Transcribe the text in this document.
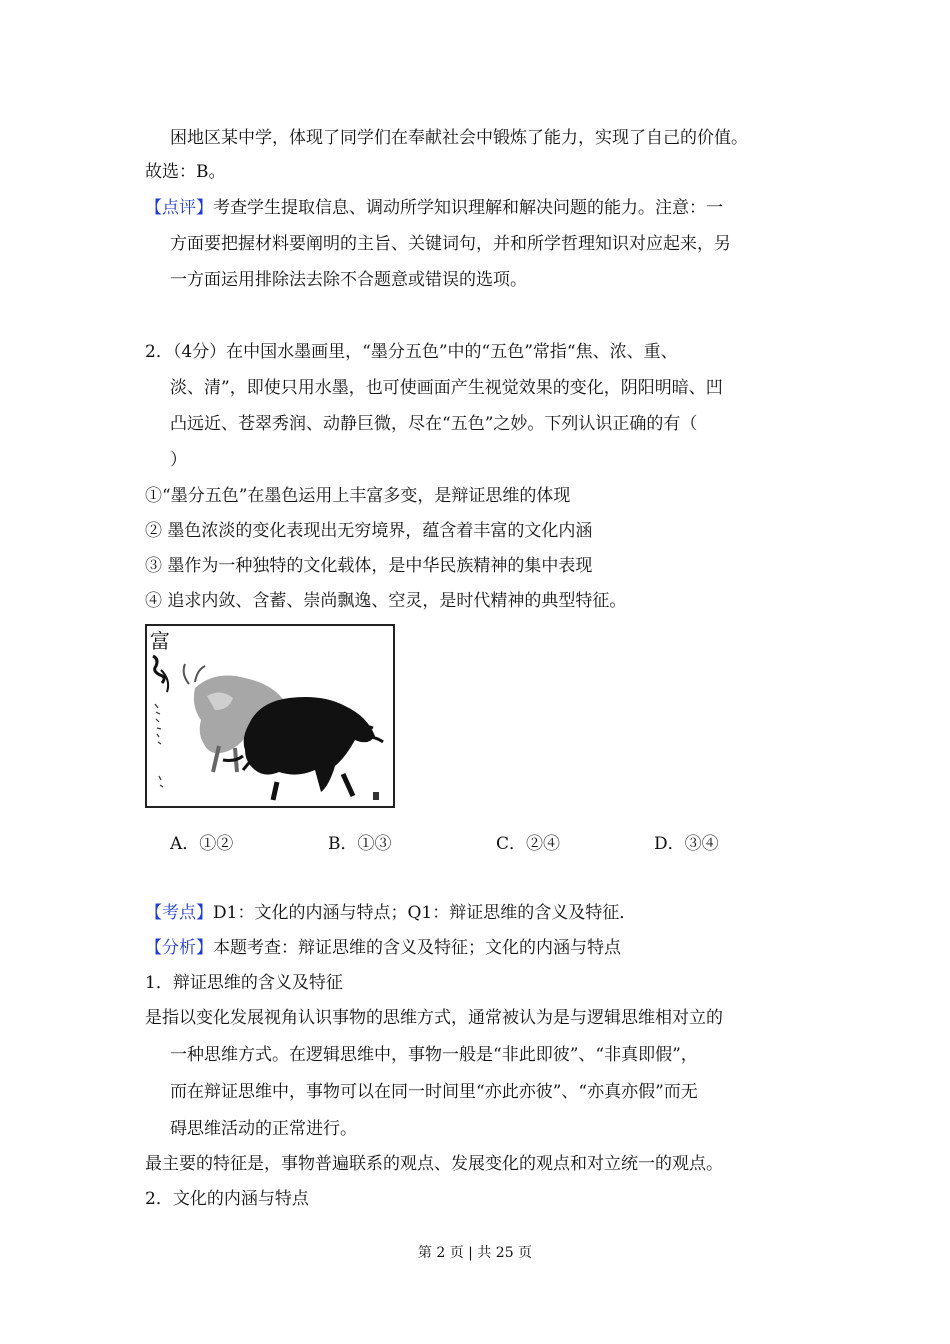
困地区某中学，体现了同学们在奉献社会中锻炼了能力，实现了自己的价值。
故选：B。
【点评】考查学生提取信息、调动所学知识理解和解决问题的能力。注意：一
方面要把握材料要阐明的主旨、关键词句，并和所学哲理知识对应起来，另
一方面运用排除法去除不合题意或错误的选项。
2．（4分）在中国水墨画里，“墨分五色”中的“五色”常指“焦、浓、重、
淡、清”，即使只用水墨，也可使画面产生视觉效果的变化，阴阳明暗、凹
凸远近、苍翠秀润、动静巨微，尽在“五色”之妙。下列认识正确的有（
）
①“墨分五色”在墨色运用上丰富多变，是辩证思维的体现
② 墨色浓淡的变化表现出无穷境界，蕴含着丰富的文化内涵
③ 墨作为一种独特的文化载体，是中华民族精神的集中表现
④ 追求内敛、含蓄、崇尚飘逸、空灵，是时代精神的典型特征。
富
A．①②	B．①③	C．②④	D．③④
【考点】D1：文化的内涵与特点；Q1：辩证思维的含义及特征．
【分析】本题考查：辩证思维的含义及特征；文化的内涵与特点
1．辩证思维的含义及特征
是指以变化发展视角认识事物的思维方式，通常被认为是与逻辑思维相对立的
一种思维方式。在逻辑思维中，事物一般是“非此即彼”、“非真即假”，
而在辩证思维中，事物可以在同一时间里“亦此亦彼”、“亦真亦假”而无
碍思维活动的正常进行。
最主要的特征是，事物普遍联系的观点、发展变化的观点和对立统一的观点。
2．文化的内涵与特点
第 2 页 | 共 25 页
